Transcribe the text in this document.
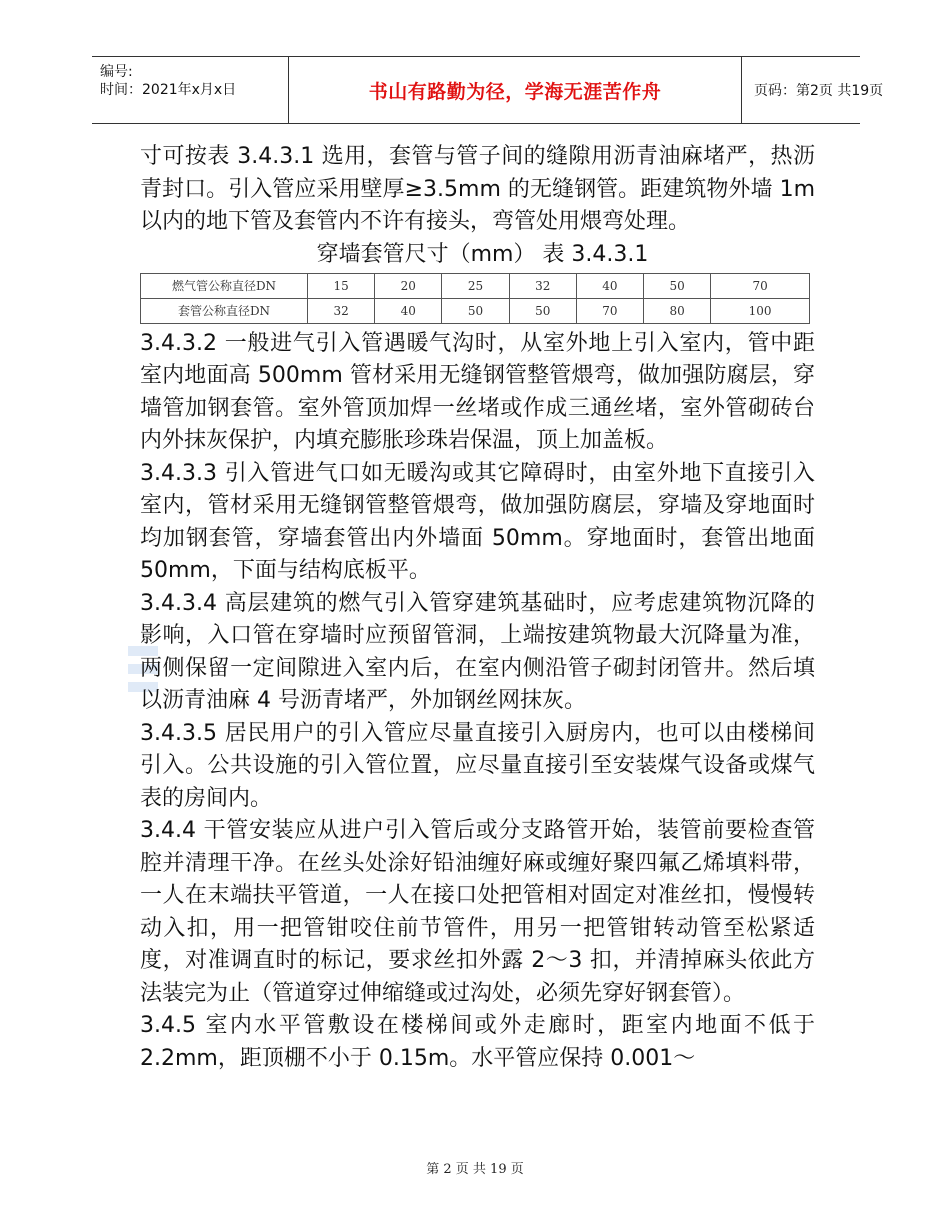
编号:
时间：2021年x月x日	书山有路勤为径，学海无涯苦作舟	页码：第2页 共19页

寸可按表 3.4.3.1 选用，套管与管子间的缝隙用沥青油麻堵严，热沥青封口。引入管应采用壁厚≥3.5mm 的无缝钢管。距建筑物外墙 1m 以内的地下管及套管内不许有接头，弯管处用煨弯处理。

穿墙套管尺寸（mm） 表 3.4.3.1

燃气管公称直径DN	15	20	25	32	40	50	70
套管公称直径DN	32	40	50	50	70	80	100

3.4.3.2 一般进气引入管遇暖气沟时，从室外地上引入室内，管中距室内地面高 500mm 管材采用无缝钢管整管煨弯，做加强防腐层，穿墙管加钢套管。室外管顶加焊一丝堵或作成三通丝堵，室外管砌砖台内外抹灰保护，内填充膨胀珍珠岩保温，顶上加盖板。

3.4.3.3 引入管进气口如无暖沟或其它障碍时，由室外地下直接引入室内，管材采用无缝钢管整管煨弯，做加强防腐层，穿墙及穿地面时均加钢套管，穿墙套管出内外墙面 50mm。穿地面时，套管出地面 50mm，下面与结构底板平。

3.4.3.4 高层建筑的燃气引入管穿建筑基础时，应考虑建筑物沉降的影响，入口管在穿墙时应预留管洞，上端按建筑物最大沉降量为准，两侧保留一定间隙进入室内后，在室内侧沿管子砌封闭管井。然后填以沥青油麻 4 号沥青堵严，外加钢丝网抹灰。

3.4.3.5 居民用户的引入管应尽量直接引入厨房内，也可以由楼梯间引入。公共设施的引入管位置，应尽量直接引至安装煤气设备或煤气表的房间内。

3.4.4 干管安装应从进户引入管后或分支路管开始，装管前要检查管腔并清理干净。在丝头处涂好铅油缠好麻或缠好聚四氟乙烯填料带，一人在末端扶平管道，一人在接口处把管相对固定对准丝扣，慢慢转动入扣，用一把管钳咬住前节管件，用另一把管钳转动管至松紧适度，对准调直时的标记，要求丝扣外露 2～3 扣，并清掉麻头依此方法装完为止（管道穿过伸缩缝或过沟处，必须先穿好钢套管）。

3.4.5 室内水平管敷设在楼梯间或外走廊时，距室内地面不低于 2.2mm，距顶棚不小于 0.15m。水平管应保持 0.001～

第 2 页 共 19 页
